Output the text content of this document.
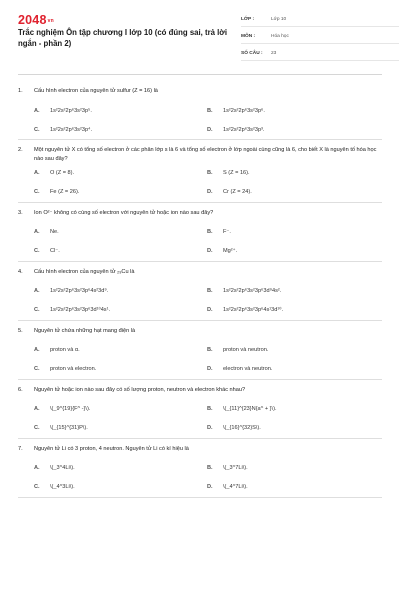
2048vn
Trắc nghiệm Ôn tập chương I lớp 10 (có đúng sai, trả lời ngắn - phần 2)
LỚP :	Lớp 10
MÔN :	Hóa học
SỐ CÂU :	23
1.	Cấu hình electron của nguyên tử sulfur (Z = 16) là
A.	1s²2s²2p⁶3s²3p⁵.	B.	1s²2s²2p⁶3s²3p⁶.
C.	1s²2s²2p⁶3s²3p⁴.	D.	1s²2s²2p⁶3s²3p³.
2.	Một nguyên tử X có tổng số electron ở các phân lớp s là 6 và tổng số electron ở lớp ngoài cùng cũng là 6, cho biết X là nguyên tố hóa học nào sau đây?
A.	O (Z = 8).	B.	S (Z = 16).
C.	Fe (Z = 26).	D.	Cr (Z = 24).
3.	Ion O²⁻ không có cùng số electron với nguyên tử hoặc ion nào sau đây?
A.	Ne.	B.	F⁻.
C.	Cl⁻.	D.	Mg²⁺.
4.	Cấu hình electron của nguyên tử ₂₉Cu là
A.	1s²2s²2p⁶3s²3p⁶4s²3d⁹.	B.	1s²2s²2p⁶3s²3p⁶3d⁹4s².
C.	1s²2s²2p⁶3s²3p⁶3d¹⁰4s¹.	D.	1s²2s²2p⁶3s²3p⁶4s¹3d¹⁰.
5.	Nguyên tử chứa những hạt mang điện là
A.	proton và α.	B.	proton và neutron.
C.	proton và electron.	D.	electron và neutron.
6.	Nguyên tử hoặc ion nào sau đây có số lượng proton, neutron và electron khác nhau?
A.	\(_9^{19}{F^ -}\).	B.	\(_{11}^{23}N{a^ + }\).
C.	\(_{15}^{31}P\).	D.	\(_{16}^{32}S\).
7.	Nguyên tử Li có 3 proton, 4 neutron. Nguyên tử Li có kí hiệu là
A.	\(_3^4Li\).	B.	\(_3^7Li\).
C.	\(_4^3Li\).	D.	\(_4^7Li\).
